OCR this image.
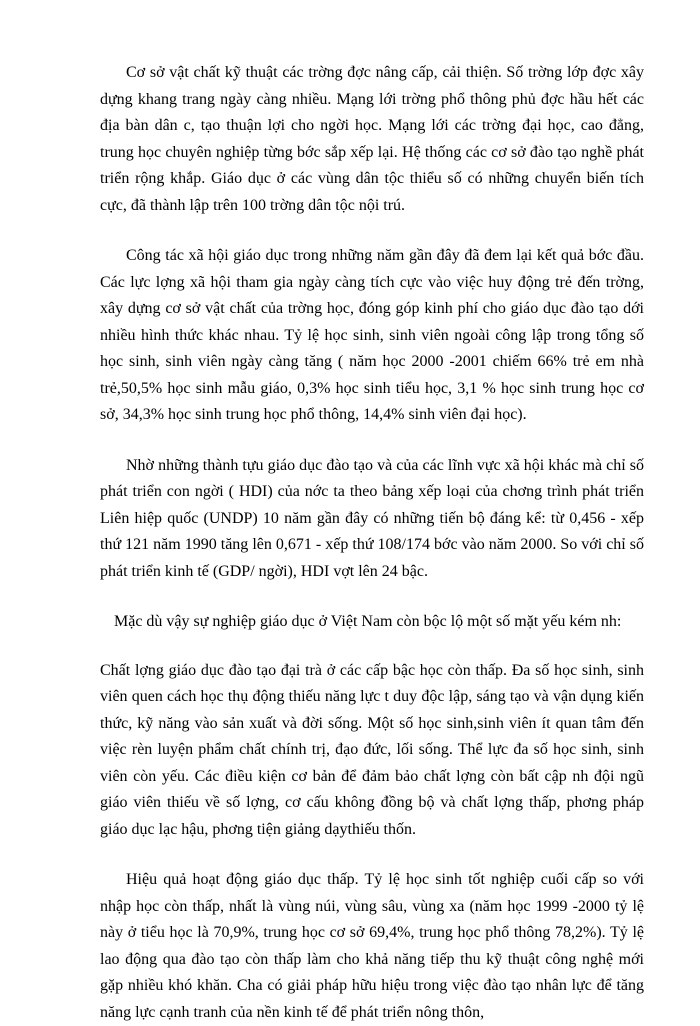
Cơ sở vật chất kỹ thuật các trờng đợc nâng cấp, cải thiện. Số trờng lớp đợc xây dựng khang trang ngày càng nhiều. Mạng lới trờng phổ thông phủ đợc hầu hết các địa bàn dân c, tạo thuận lợi cho ngời học. Mạng lới các trờng đại học, cao đẳng, trung học chuyên nghiệp từng bớc sắp xếp lại. Hệ thống các cơ sở đào tạo nghề phát triển rộng khắp. Giáo dục ở các vùng dân tộc thiểu số có những chuyển biến tích cực, đã thành lập trên 100 trờng dân tộc nội trú.

Công tác xã hội giáo dục trong những năm gần đây đã đem lại kết quả bớc đầu. Các lực lợng xã hội tham gia ngày càng tích cực vào việc huy động trẻ đến trờng, xây dựng cơ sở vật chất của trờng học, đóng góp kinh phí cho giáo dục đào tạo dới nhiều hình thức khác nhau. Tỷ lệ học sinh, sinh viên ngoài công lập trong tổng số học sinh, sinh viên ngày càng tăng ( năm học 2000 -2001 chiếm 66% trẻ em nhà trẻ,50,5% học sinh mẫu giáo, 0,3% học sinh tiểu học, 3,1 % học sinh trung học cơ sở, 34,3% học sinh trung học phổ thông, 14,4% sinh viên đại học).

Nhờ những thành tựu giáo dục đào tạo và của các lĩnh vực xã hội khác mà chỉ số phát triển con ngời ( HDI) của nớc ta theo bảng xếp loại của chơng trình phát triển Liên hiệp quốc (UNDP) 10 năm gần đây có những tiến bộ đáng kể: từ 0,456 - xếp thứ 121 năm 1990 tăng lên 0,671 - xếp thứ 108/174 bớc vào năm 2000. So với chỉ số phát triển kinh tế (GDP/ ngời), HDI vợt lên 24 bậc.

Mặc dù vậy sự nghiệp giáo dục ở Việt Nam còn bộc lộ một số mặt yếu kém nh:

Chất lợng giáo dục đào tạo đại trà ở các cấp bậc học còn thấp. Đa số học sinh, sinh viên quen cách học thụ động thiếu năng lực t duy độc lập, sáng tạo và vận dụng kiến thức, kỹ năng vào sản xuất và đời sống. Một số học sinh,sinh viên ít quan tâm đến việc rèn luyện phẩm chất chính trị, đạo đức, lối sống. Thể lực đa số học sinh, sinh viên còn yếu. Các điều kiện cơ bản để đảm bảo chất lợng còn bất cập nh đội ngũ giáo viên thiếu về số lợng, cơ cấu không đồng bộ và chất lợng thấp, phơng pháp giáo dục lạc hậu, phơng tiện giảng dạythiếu thốn.

Hiệu quả hoạt động giáo dục thấp. Tỷ lệ học sinh tốt nghiệp cuối cấp so với nhập học còn thấp, nhất là vùng núi, vùng sâu, vùng xa (năm học 1999 -2000 tỷ lệ này ở tiểu học là 70,9%, trung học cơ sở 69,4%, trung học phổ thông 78,2%). Tỷ lệ lao động qua đào tạo còn thấp làm cho khả năng tiếp thu kỹ thuật công nghệ mới gặp nhiều khó khăn. Cha có giải pháp hữu hiệu trong việc đào tạo nhân lực để tăng năng lực cạnh tranh của nền kinh tế để phát triển nông thôn,
